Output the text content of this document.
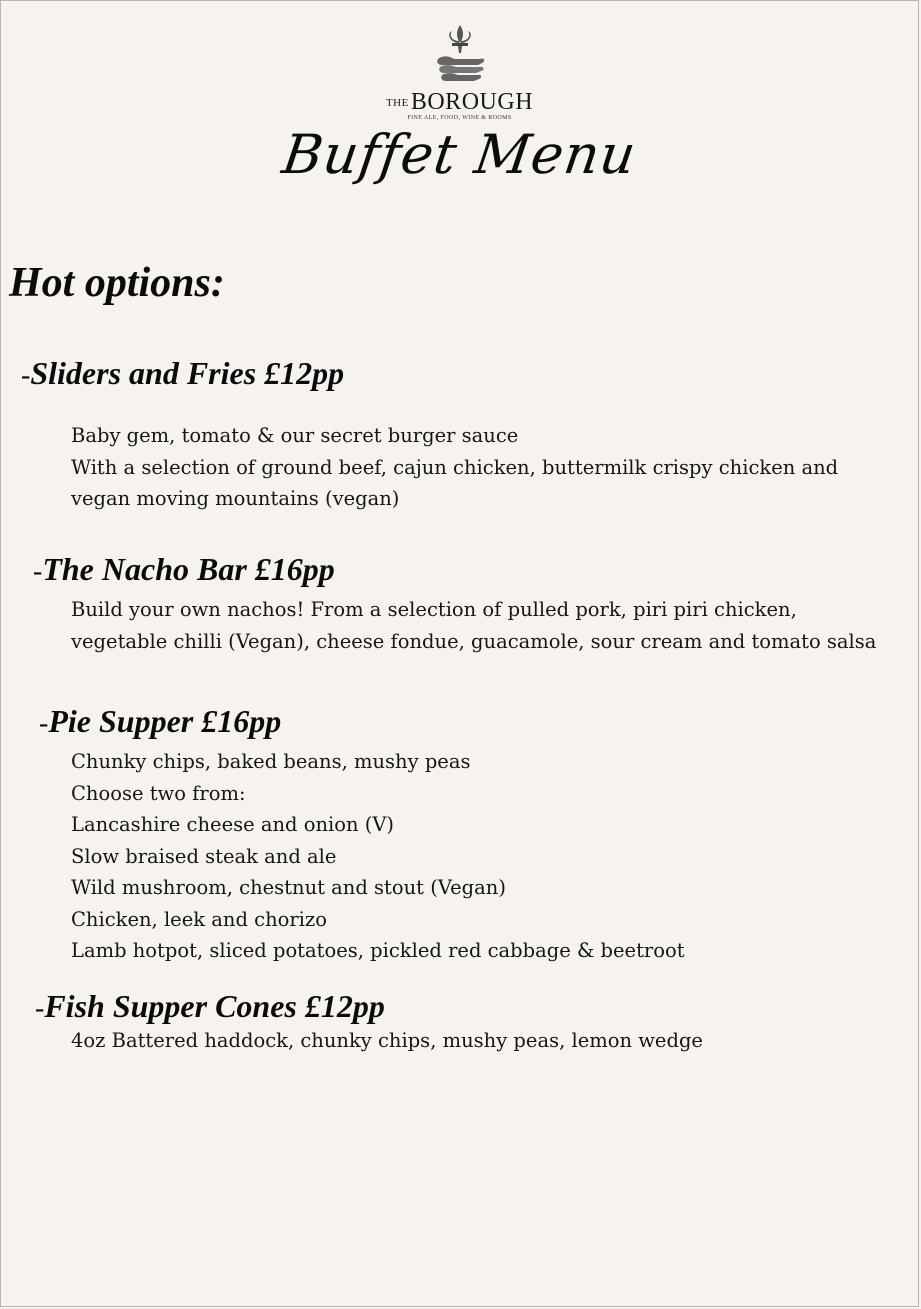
THEBOROUGH
FINE ALE, FOOD, WINE & ROOMS
Buffet Menu
Hot options:
-Sliders and Fries £12pp
Baby gem, tomato & our secret burger sauce
With a selection of ground beef, cajun chicken, buttermilk crispy chicken and
vegan moving mountains (vegan)
-The Nacho Bar £16pp
Build your own nachos! From a selection of pulled pork, piri piri chicken,
vegetable chilli (Vegan), cheese fondue, guacamole, sour cream and tomato salsa
-Pie Supper £16pp
Chunky chips, baked beans, mushy peas
Choose two from:
Lancashire cheese and onion (V)
Slow braised steak and ale
Wild mushroom, chestnut and stout (Vegan)
Chicken, leek and chorizo
Lamb hotpot, sliced potatoes, pickled red cabbage & beetroot
-Fish Supper Cones £12pp
4oz Battered haddock, chunky chips, mushy peas, lemon wedge
